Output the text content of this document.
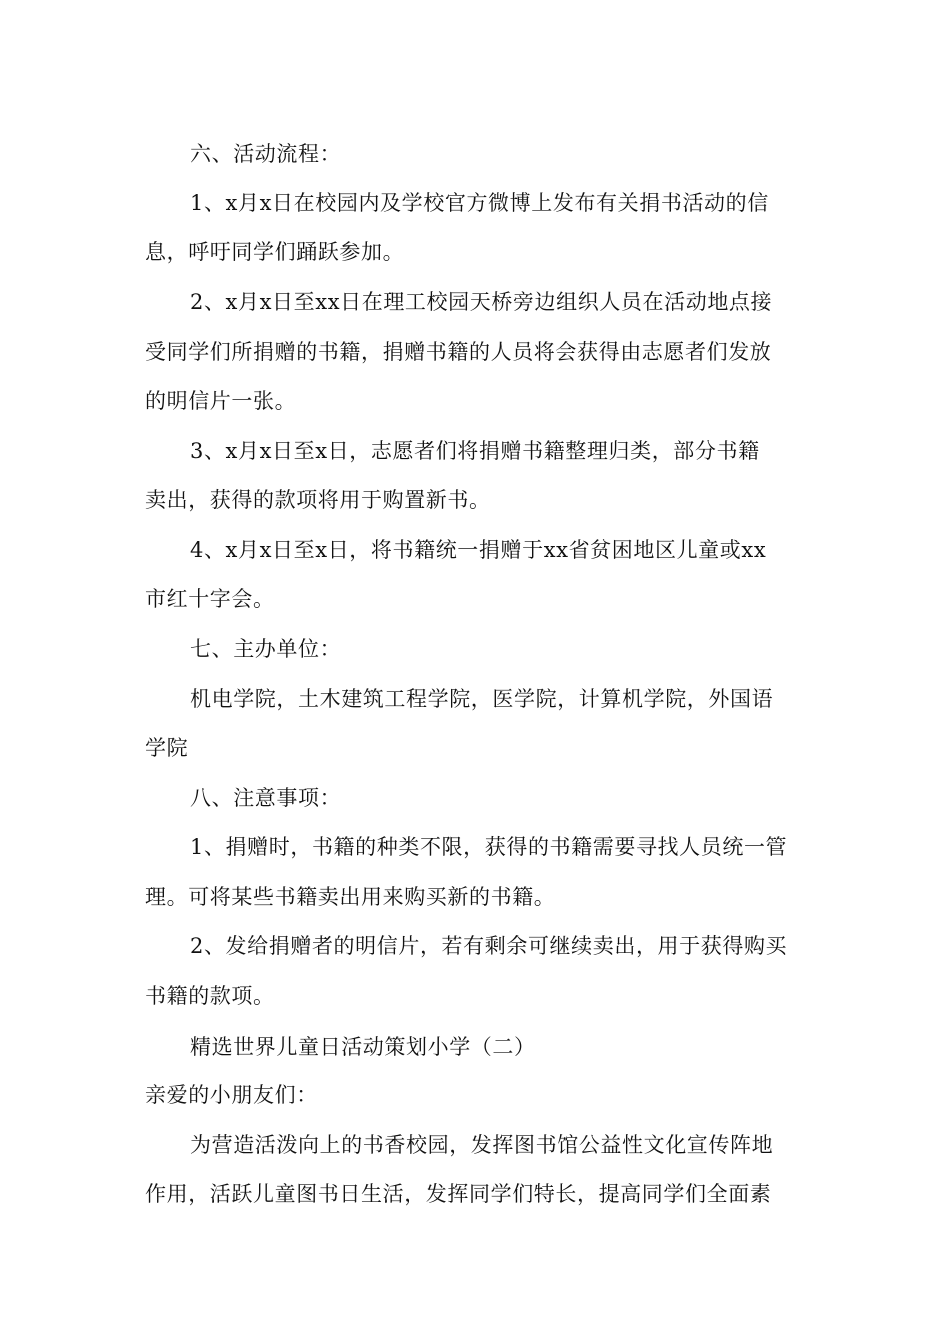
六、活动流程：
1、x月x日在校园内及学校官方微博上发布有关捐书活动的信
息，呼吁同学们踊跃参加。
2、x月x日至xx日在理工校园天桥旁边组织人员在活动地点接
受同学们所捐赠的书籍，捐赠书籍的人员将会获得由志愿者们发放
的明信片一张。
3、x月x日至x日，志愿者们将捐赠书籍整理归类，部分书籍
卖出，获得的款项将用于购置新书。
4、x月x日至x日，将书籍统一捐赠于xx省贫困地区儿童或xx
市红十字会。
七、主办单位：
机电学院，土木建筑工程学院，医学院，计算机学院，外国语
学院
八、注意事项：
1、捐赠时，书籍的种类不限，获得的书籍需要寻找人员统一管
理。可将某些书籍卖出用来购买新的书籍。
2、发给捐赠者的明信片，若有剩余可继续卖出，用于获得购买
书籍的款项。
精选世界儿童日活动策划小学（二）
亲爱的小朋友们：
为营造活泼向上的书香校园，发挥图书馆公益性文化宣传阵地
作用，活跃儿童图书日生活，发挥同学们特长，提高同学们全面素
